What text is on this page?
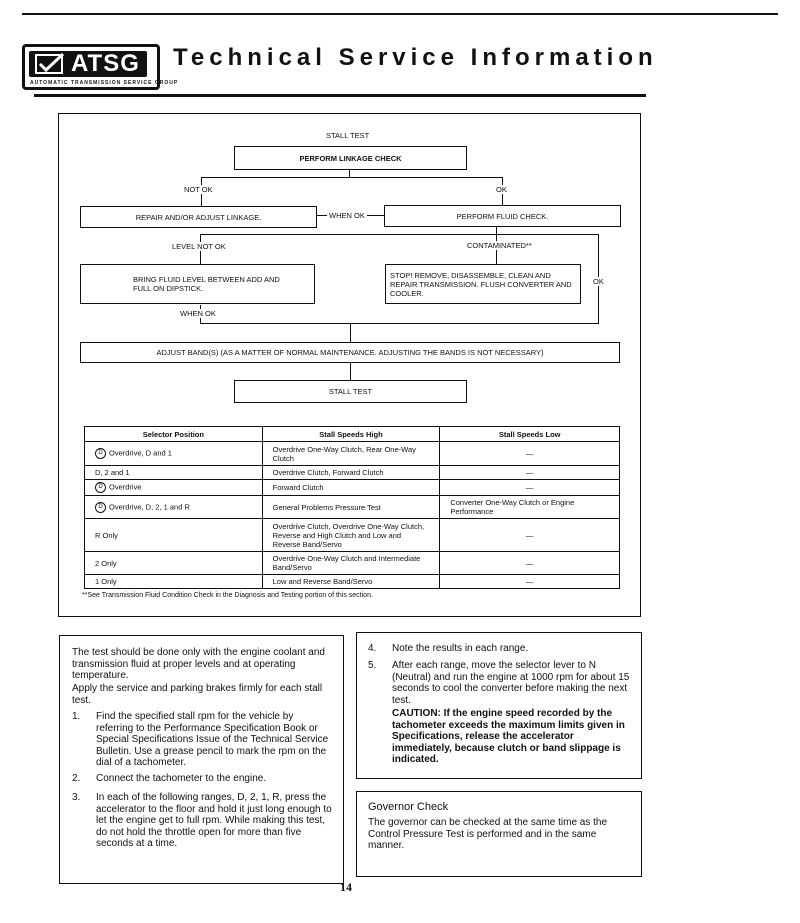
ATSG
AUTOMATIC TRANSMISSION SERVICE GROUP
Technical Service Information
STALL TEST
PERFORM LINKAGE CHECK
NOT OK	OK
REPAIR AND/OR ADJUST LINKAGE.	WHEN OK	PERFORM FLUID CHECK.
LEVEL NOT OK	CONTAMINATED**
OK
BRING FLUID LEVEL BETWEEN ADD AND FULL ON DIPSTICK.
STOP! REMOVE, DISASSEMBLE, CLEAN AND REPAIR TRANSMISSION. FLUSH CONVERTER AND COOLER.
WHEN OK
ADJUST BAND(S) (AS A MATTER OF NORMAL MAINTENANCE. ADJUSTING THE BANDS IS NOT NECESSARY)
STALL TEST
Selector Position	Stall Speeds High	Stall Speeds Low
D Overdrive, D and 1	Overdrive One-Way Clutch, Rear One-Way Clutch	—
D, 2 and 1	Overdrive Clutch, Forward Clutch	—
D Overdrive	Forward Clutch	—
D Overdrive, D, 2, 1 and R	General Problems Pressure Test	Converter One-Way Clutch or Engine Performance
R Only	Overdrive Clutch, Overdrive One-Way Clutch, Reverse and High Clutch and Low and Reverse Band/Servo	—
2 Only	Overdrive One-Way Clutch and Intermediate Band/Servo	—
1 Only	Low and Reverse Band/Servo	—
**See Transmission Fluid Condition Check in the Diagnosis and Testing portion of this section.
The test should be done only with the engine coolant and transmission fluid at proper levels and at operating temperature.
Apply the service and parking brakes firmly for each stall test.
1. Find the specified stall rpm for the vehicle by referring to the Performance Specification Book or Special Specifications Issue of the Technical Service Bulletin. Use a grease pencil to mark the rpm on the dial of a tachometer.
2. Connect the tachometer to the engine.
3. In each of the following ranges, D, 2, 1, R, press the accelerator to the floor and hold it just long enough to let the engine get to full rpm. While making this test, do not hold the throttle open for more than five seconds at a time.
4. Note the results in each range.
5. After each range, move the selector lever to N (Neutral) and run the engine at 1000 rpm for about 15 seconds to cool the converter before making the next test.
CAUTION: If the engine speed recorded by the tachometer exceeds the maximum limits given in Specifications, release the accelerator immediately, because clutch or band slippage is indicated.
Governor Check
The governor can be checked at the same time as the Control Pressure Test is performed and in the same manner.
14
